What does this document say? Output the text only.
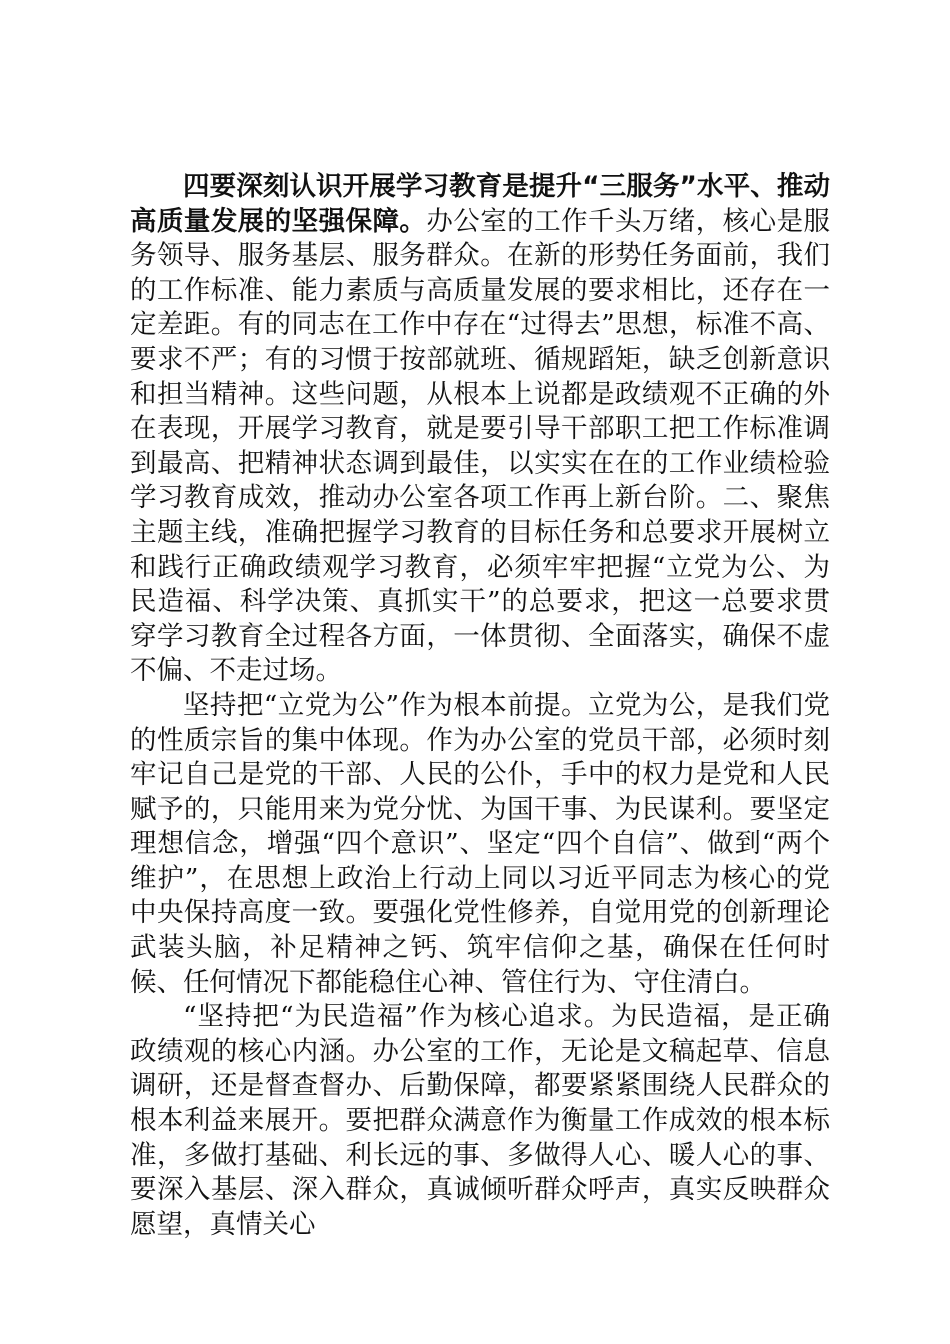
四要深刻认识开展学习教育是提升“三服务”水平、推动高质量发展的坚强保障。办公室的工作千头万绪，核心是服务领导、服务基层、服务群众。在新的形势任务面前，我们的工作标准、能力素质与高质量发展的要求相比，还存在一定差距。有的同志在工作中存在“过得去”思想，标准不高、要求不严；有的习惯于按部就班、循规蹈矩，缺乏创新意识和担当精神。这些问题，从根本上说都是政绩观不正确的外在表现，开展学习教育，就是要引导干部职工把工作标准调到最高、把精神状态调到最佳，以实实在在的工作业绩检验学习教育成效，推动办公室各项工作再上新台阶。二、聚焦主题主线，准确把握学习教育的目标任务和总要求开展树立和践行正确政绩观学习教育，必须牢牢把握“立党为公、为民造福、科学决策、真抓实干”的总要求，把这一总要求贯穿学习教育全过程各方面，一体贯彻、全面落实，确保不虚不偏、不走过场。

坚持把“立党为公”作为根本前提。立党为公，是我们党的性质宗旨的集中体现。作为办公室的党员干部，必须时刻牢记自己是党的干部、人民的公仆，手中的权力是党和人民赋予的，只能用来为党分忧、为国干事、为民谋利。要坚定理想信念，增强“四个意识”、坚定“四个自信”、做到“两个维护”，在思想上政治上行动上同以习近平同志为核心的党中央保持高度一致。要强化党性修养，自觉用党的创新理论武装头脑，补足精神之钙、筑牢信仰之基，确保在任何时候、任何情况下都能稳住心神、管住行为、守住清白。

“坚持把“为民造福”作为核心追求。为民造福，是正确政绩观的核心内涵。办公室的工作，无论是文稿起草、信息调研，还是督查督办、后勤保障，都要紧紧围绕人民群众的根本利益来展开。要把群众满意作为衡量工作成效的根本标准，多做打基础、利长远的事、多做得人心、暖人心的事、要深入基层、深入群众，真诚倾听群众呼声，真实反映群众愿望，真情关心
